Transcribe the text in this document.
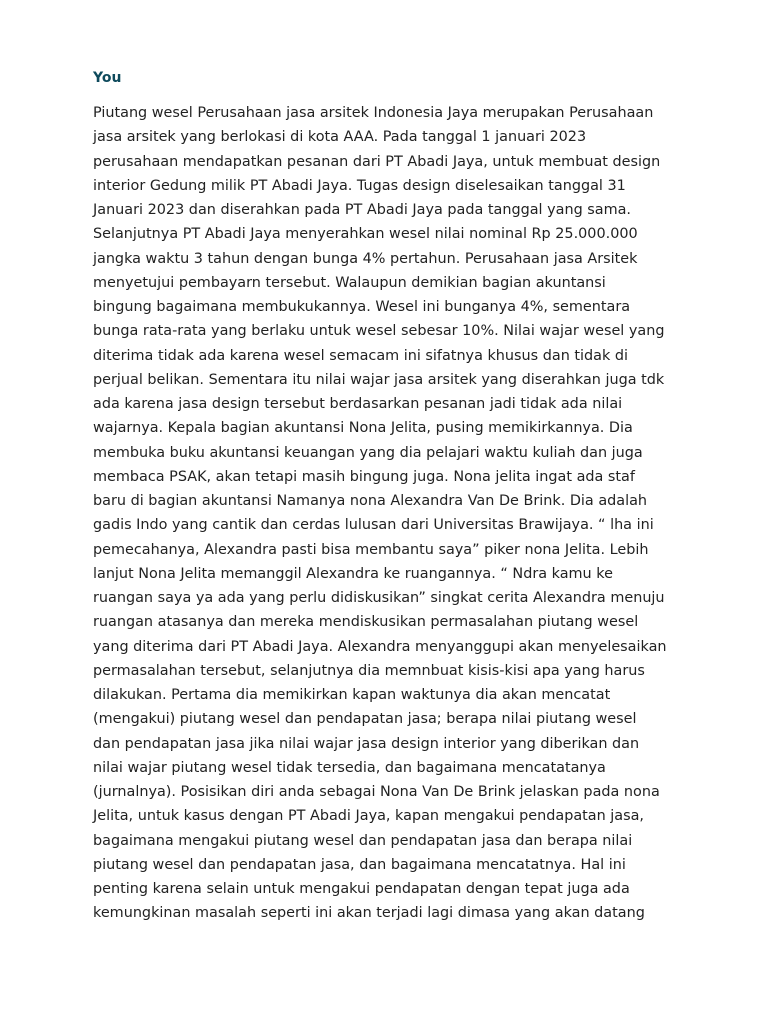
You
Piutang wesel Perusahaan jasa arsitek Indonesia Jaya merupakan Perusahaan
jasa arsitek yang berlokasi di kota AAA. Pada tanggal 1 januari 2023
perusahaan mendapatkan pesanan dari PT Abadi Jaya, untuk membuat design
interior Gedung milik PT Abadi Jaya. Tugas design diselesaikan tanggal 31
Januari 2023 dan diserahkan pada PT Abadi Jaya pada tanggal yang sama.
Selanjutnya PT Abadi Jaya menyerahkan wesel nilai nominal Rp 25.000.000
jangka waktu 3 tahun dengan bunga 4% pertahun. Perusahaan jasa Arsitek
menyetujui pembayarn tersebut. Walaupun demikian bagian akuntansi
bingung bagaimana membukukannya. Wesel ini bunganya 4%, sementara
bunga rata-rata yang berlaku untuk wesel sebesar 10%. Nilai wajar wesel yang
diterima tidak ada karena wesel semacam ini sifatnya khusus dan tidak di
perjual belikan. Sementara itu nilai wajar jasa arsitek yang diserahkan juga tdk
ada karena jasa design tersebut berdasarkan pesanan jadi tidak ada nilai
wajarnya. Kepala bagian akuntansi Nona Jelita, pusing memikirkannya. Dia
membuka buku akuntansi keuangan yang dia pelajari waktu kuliah dan juga
membaca PSAK, akan tetapi masih bingung juga. Nona jelita ingat ada staf
baru di bagian akuntansi Namanya nona Alexandra Van De Brink. Dia adalah
gadis Indo yang cantik dan cerdas lulusan dari Universitas Brawijaya. “ lha ini
pemecahanya, Alexandra pasti bisa membantu saya” piker nona Jelita. Lebih
lanjut Nona Jelita memanggil Alexandra ke ruangannya. “ Ndra kamu ke
ruangan saya ya ada yang perlu didiskusikan” singkat cerita Alexandra menuju
ruangan atasanya dan mereka mendiskusikan permasalahan piutang wesel
yang diterima dari PT Abadi Jaya. Alexandra menyanggupi akan menyelesaikan
permasalahan tersebut, selanjutnya dia memnbuat kisis-kisi apa yang harus
dilakukan. Pertama dia memikirkan kapan waktunya dia akan mencatat
(mengakui) piutang wesel dan pendapatan jasa; berapa nilai piutang wesel
dan pendapatan jasa jika nilai wajar jasa design interior yang diberikan dan
nilai wajar piutang wesel tidak tersedia, dan bagaimana mencatatanya
(jurnalnya). Posisikan diri anda sebagai Nona Van De Brink jelaskan pada nona
Jelita, untuk kasus dengan PT Abadi Jaya, kapan mengakui pendapatan jasa,
bagaimana mengakui piutang wesel dan pendapatan jasa dan berapa nilai
piutang wesel dan pendapatan jasa, dan bagaimana mencatatnya. Hal ini
penting karena selain untuk mengakui pendapatan dengan tepat juga ada
kemungkinan masalah seperti ini akan terjadi lagi dimasa yang akan datang
